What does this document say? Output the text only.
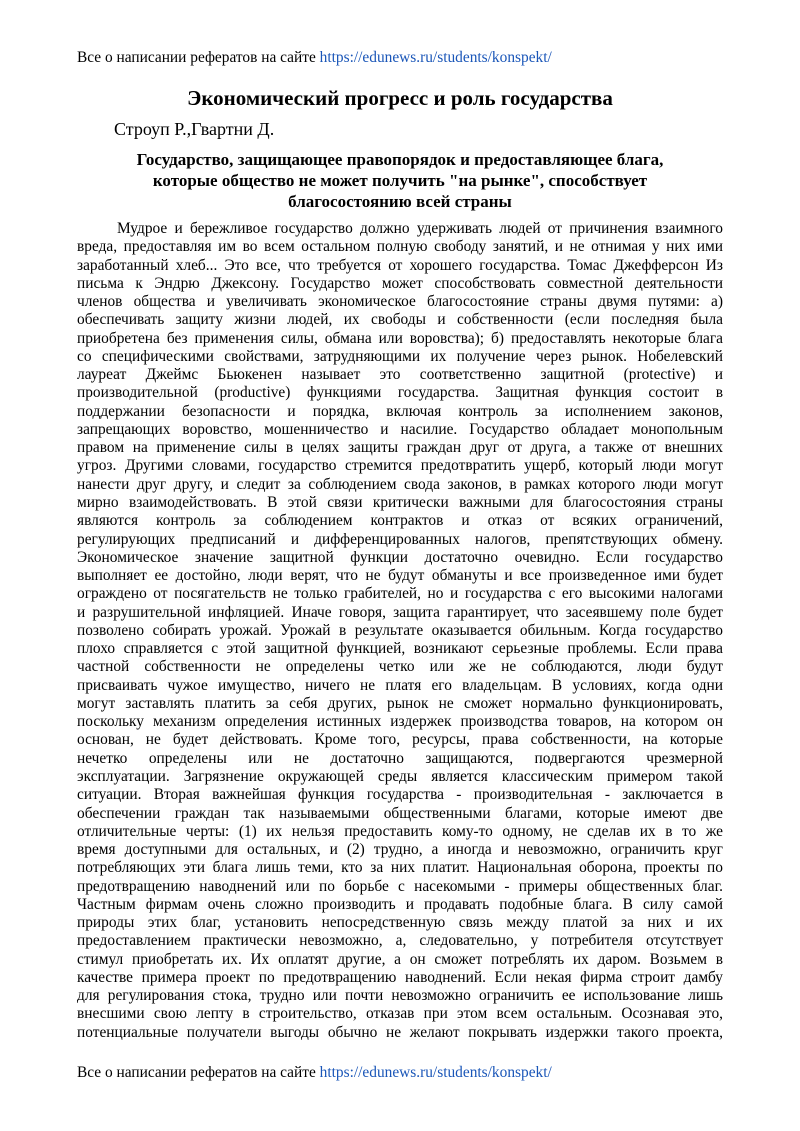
Все о написании рефератов на сайте https://edunews.ru/students/konspekt/
Экономический прогресс и роль государства

Строуп Р.,Гвартни Д.

Государство, защищающее правопорядок и предоставляющее блага,
которые общество не может получить "на рынке", способствует
благосостоянию всей страны
Мудрое и бережливое государство должно удерживать людей от причинения взаимного
вреда, предоставляя им во всем остальном полную свободу занятий, и не отнимая у них ими
заработанный хлеб... Это все, что требуется от хорошего государства. Томас Джефферсон Из
письма к Эндрю Джексону. Государство может способствовать совместной деятельности
членов общества и увеличивать экономическое благосостояние страны двумя путями: а)
обеспечивать защиту жизни людей, их свободы и собственности (если последняя была
приобретена без применения силы, обмана или воровства); б) предоставлять некоторые блага
со специфическими свойствами, затрудняющими их получение через рынок. Нобелевский
лауреат Джеймс Бьюкенен называет это соответственно защитной (protective) и
производительной (productive) функциями государства. Защитная функция состоит в
поддержании безопасности и порядка, включая контроль за исполнением законов,
запрещающих воровство, мошенничество и насилие. Государство обладает монопольным
правом на применение силы в целях защиты граждан друг от друга, а также от внешних
угроз. Другими словами, государство стремится предотвратить ущерб, который люди могут
нанести друг другу, и следит за соблюдением свода законов, в рамках которого люди могут
мирно взаимодействовать. В этой связи критически важными для благосостояния страны
являются контроль за соблюдением контрактов и отказ от всяких ограничений,
регулирующих предписаний и дифференцированных налогов, препятствующих обмену.
Экономическое значение защитной функции достаточно очевидно. Если государство
выполняет ее достойно, люди верят, что не будут обмануты и все произведенное ими будет
ограждено от посягательств не только грабителей, но и государства с его высокими налогами
и разрушительной инфляцией. Иначе говоря, защита гарантирует, что засеявшему поле будет
позволено собирать урожай. Урожай в результате оказывается обильным. Когда государство
плохо справляется с этой защитной функцией, возникают серьезные проблемы. Если права
частной собственности не определены четко или же не соблюдаются, люди будут
присваивать чужое имущество, ничего не платя его владельцам. В условиях, когда одни
могут заставлять платить за себя других, рынок не сможет нормально функционировать,
поскольку механизм определения истинных издержек производства товаров, на котором он
основан, не будет действовать. Кроме того, ресурсы, права собственности, на которые
нечетко определены или не достаточно защищаются, подвергаются чрезмерной
эксплуатации. Загрязнение окружающей среды является классическим примером такой
ситуации. Вторая важнейшая функция государства - производительная - заключается в
обеспечении граждан так называемыми общественными благами, которые имеют две
отличительные черты: (1) их нельзя предоставить кому-то одному, не сделав их в то же
время доступными для остальных, и (2) трудно, а иногда и невозможно, ограничить круг
потребляющих эти блага лишь теми, кто за них платит. Национальная оборона, проекты по
предотвращению наводнений или по борьбе с насекомыми - примеры общественных благ.
Частным фирмам очень сложно производить и продавать подобные блага. В силу самой
природы этих благ, установить непосредственную связь между платой за них и их
предоставлением практически невозможно, а, следовательно, у потребителя отсутствует
стимул приобретать их. Их оплатят другие, а он сможет потреблять их даром. Возьмем в
качестве примера проект по предотвращению наводнений. Если некая фирма строит дамбу
для регулирования стока, трудно или почти невозможно ограничить ее использование лишь
внесшими свою лепту в строительство, отказав при этом всем остальным. Осознавая это,
потенциальные получатели выгоды обычно не желают покрывать издержки такого проекта,
Все о написании рефератов на сайте https://edunews.ru/students/konspekt/
